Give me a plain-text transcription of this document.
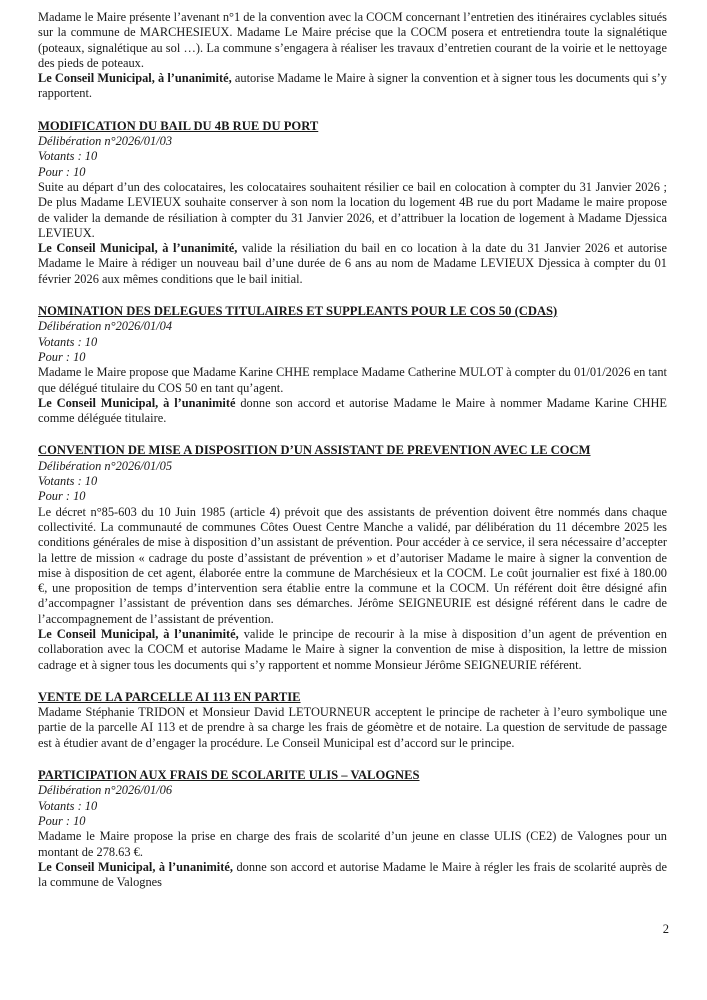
Madame le Maire présente l’avenant n°1 de la convention avec la COCM concernant l’entretien des itinéraires cyclables situés sur la commune de MARCHESIEUX. Madame Le Maire précise que la COCM posera et entretiendra toute la signalétique (poteaux, signalétique au sol …). La commune s’engagera à réaliser les travaux d’entretien courant de la voirie et le nettoyage des pieds de poteaux.

Le Conseil Municipal, à l’unanimité, autorise Madame le Maire à signer la convention et à signer tous les documents qui s’y rapportent.

MODIFICATION DU BAIL DU 4B RUE DU PORT

Délibération n°2026/01/03

Votants : 10

Pour : 10

Suite au départ d’un des colocataires, les colocataires souhaitent résilier ce bail en colocation à compter du 31 Janvier 2026 ; De plus Madame LEVIEUX souhaite conserver à son nom la location du logement 4B rue du port Madame le maire propose de valider la demande de résiliation à compter du 31 Janvier 2026, et d’attribuer la location de logement à Madame Djessica LEVIEUX.

Le Conseil Municipal, à l’unanimité, valide la résiliation du bail en co location à la date du 31 Janvier 2026 et autorise Madame le Maire à rédiger un nouveau bail d’une durée de 6 ans au nom de Madame LEVIEUX Djessica à compter du 01 février 2026 aux mêmes conditions que le bail initial.

NOMINATION DES DELEGUES TITULAIRES ET SUPPLEANTS POUR LE COS 50 (CDAS)

Délibération n°2026/01/04

Votants : 10

Pour : 10

Madame le Maire propose que Madame Karine CHHE remplace Madame Catherine MULOT à compter du 01/01/2026 en tant que délégué titulaire du COS 50 en tant qu’agent.

Le Conseil Municipal, à l’unanimité donne son accord et autorise Madame le Maire à nommer Madame Karine CHHE comme déléguée titulaire.

CONVENTION DE MISE A DISPOSITION D’UN ASSISTANT DE PREVENTION AVEC LE COCM

Délibération n°2026/01/05

Votants : 10

Pour : 10

Le décret n°85-603 du 10 Juin 1985 (article 4) prévoit que des assistants de prévention doivent être nommés dans chaque collectivité. La communauté de communes Côtes Ouest Centre Manche a validé, par délibération du 11 décembre 2025 les conditions générales de mise à disposition d’un assistant de prévention. Pour accéder à ce service, il sera nécessaire d’accepter la lettre de mission « cadrage du poste d’assistant de prévention » et d’autoriser Madame le maire à signer la convention de mise à disposition de cet agent, élaborée entre la commune de Marchésieux et la COCM. Le coût journalier est fixé à 180.00 €, une proposition de temps d’intervention sera établie entre la commune et la COCM. Un référent doit être désigné afin d’accompagner l’assistant de prévention dans ses démarches. Jérôme SEIGNEURIE est désigné référent dans le cadre de l’accompagnement de l’assistant de prévention.

Le Conseil Municipal, à l’unanimité, valide le principe de recourir à la mise à disposition d’un agent de prévention en collaboration avec la COCM et autorise Madame le Maire à signer la convention de mise à disposition, la lettre de mission cadrage et à signer tous les documents qui s’y rapportent et nomme Monsieur Jérôme SEIGNEURIE référent.

VENTE DE LA PARCELLE AI 113 EN PARTIE

Madame Stéphanie TRIDON et Monsieur David LETOURNEUR acceptent le principe de racheter à l’euro symbolique une partie de la parcelle AI 113 et de prendre à sa charge les frais de géomètre et de notaire. La question de servitude de passage est à étudier avant de d’engager la procédure. Le Conseil Municipal est d’accord sur le principe.

PARTICIPATION AUX FRAIS DE SCOLARITE ULIS – VALOGNES

Délibération n°2026/01/06

Votants : 10

Pour : 10

Madame le Maire propose la prise en charge des frais de scolarité d’un jeune en classe ULIS (CE2) de Valognes pour un montant de 278.63 €.

Le Conseil Municipal, à l’unanimité, donne son accord et autorise Madame le Maire à régler les frais de scolarité auprès de la commune de Valognes

2
